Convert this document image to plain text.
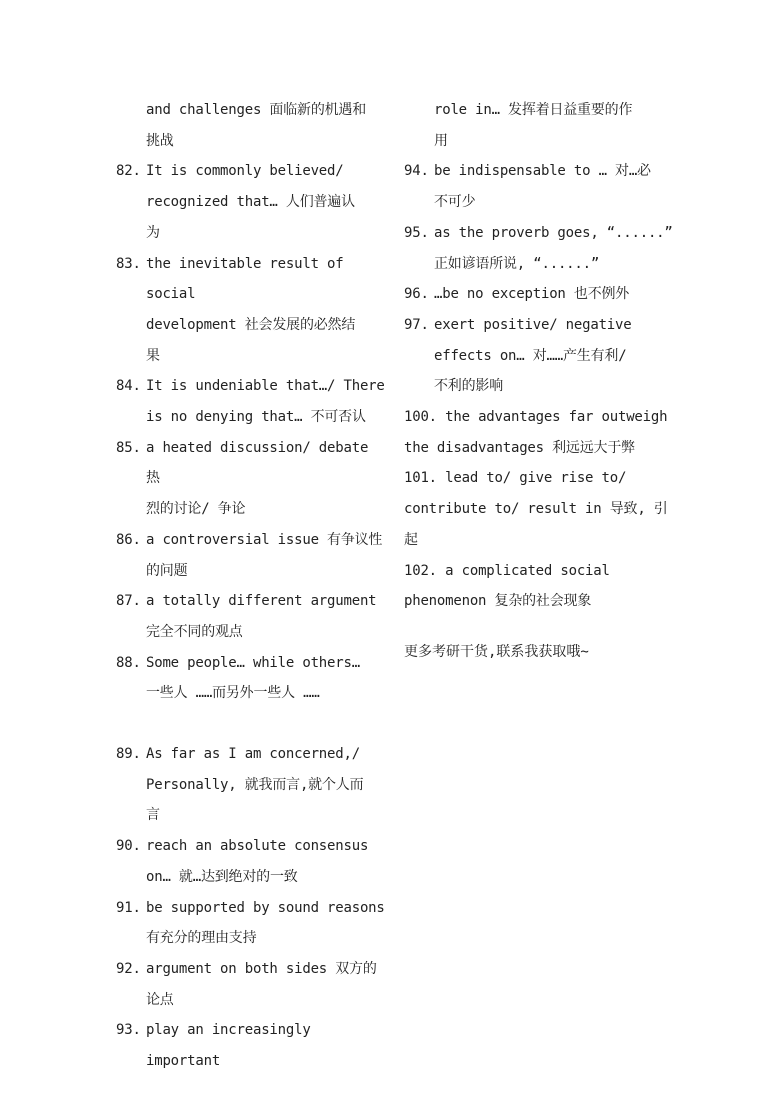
and challenges 面临新的机遇和
挑战
82. It is commonly believed/
recognized that… 人们普遍认
为
83. the inevitable result of social
development 社会发展的必然结
果
84. It is undeniable that…/ There
is no denying that… 不可否认
85. a heated discussion/ debate 热
烈的讨论/ 争论
86. a controversial issue 有争议性
的问题
87. a totally different argument
完全不同的观点
88. Some people… while others…
一些人 ……而另外一些人 ……
89. As far as I am concerned,/
Personally, 就我而言,就个人而
言
90. reach an absolute consensus
on… 就…达到绝对的一致
91. be supported by sound reasons
有充分的理由支持
92. argument on both sides 双方的
论点
93. play an increasingly important
role in… 发挥着日益重要的作
用
94. be indispensable to … 对…必
不可少
95. as the proverb goes, “......”
正如谚语所说, “......”
96. …be no exception 也不例外
97. exert positive/ negative
effects on… 对……产生有利/
不利的影响
100. the advantages far outweigh
the disadvantages 利远远大于弊
101. lead to/ give rise to/
contribute to/ result in 导致, 引
起
102. a complicated social
phenomenon 复杂的社会现象
更多考研干货,联系我获取哦~
